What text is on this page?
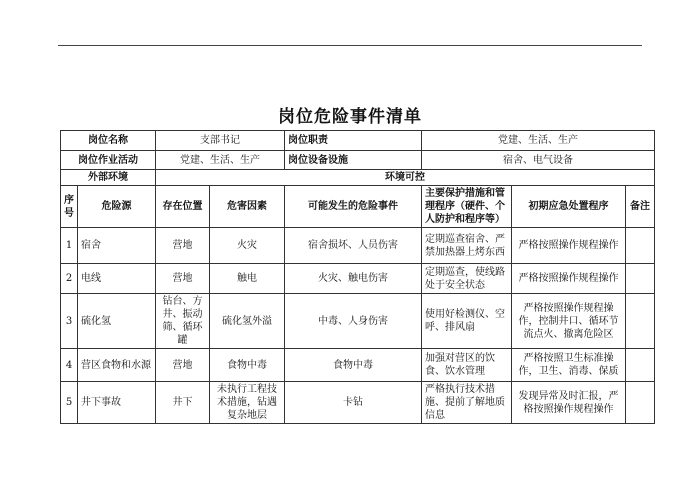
岗位危险事件清单
岗位名称		支部书记		岗位职责	党建、生活、生产		
岗位作业活动		党建、生活、生产		岗位设备设施	宿舍、电气设备		
外部环境		环境可控					
序号	危险源	存在位置	危害因素	可能发生的危险事件	主要保护措施和管理程序（硬件、个人防护和程序等）	初期应急处置程序	备注
1	宿舍	营地	火灾	宿舍损坏、人员伤害	定期巡查宿舍、严禁加热器上烤东西	严格按照操作规程操作	
2	电线	营地	触电	火灾、触电伤害	定期巡查，使线路处于安全状态	严格按照操作规程操作	
3	硫化氢	钻台、方井、振动筛、循环罐	硫化氢外溢	中毒、人身伤害	使用好检测仪、空呼、排风扇	严格按照操作规程操作，控制井口、循环节流点火、撤离危险区	
4	营区食物和水源	营地	食物中毒	食物中毒	加强对营区的饮食、饮水管理	严格按照卫生标准操作，卫生、消毒、保质	
5	井下事故	井下	未执行工程技术措施，钻遇复杂地层	卡钻	严格执行技术措施、提前了解地质信息	发现异常及时汇报，严格按照操作规程操作	
